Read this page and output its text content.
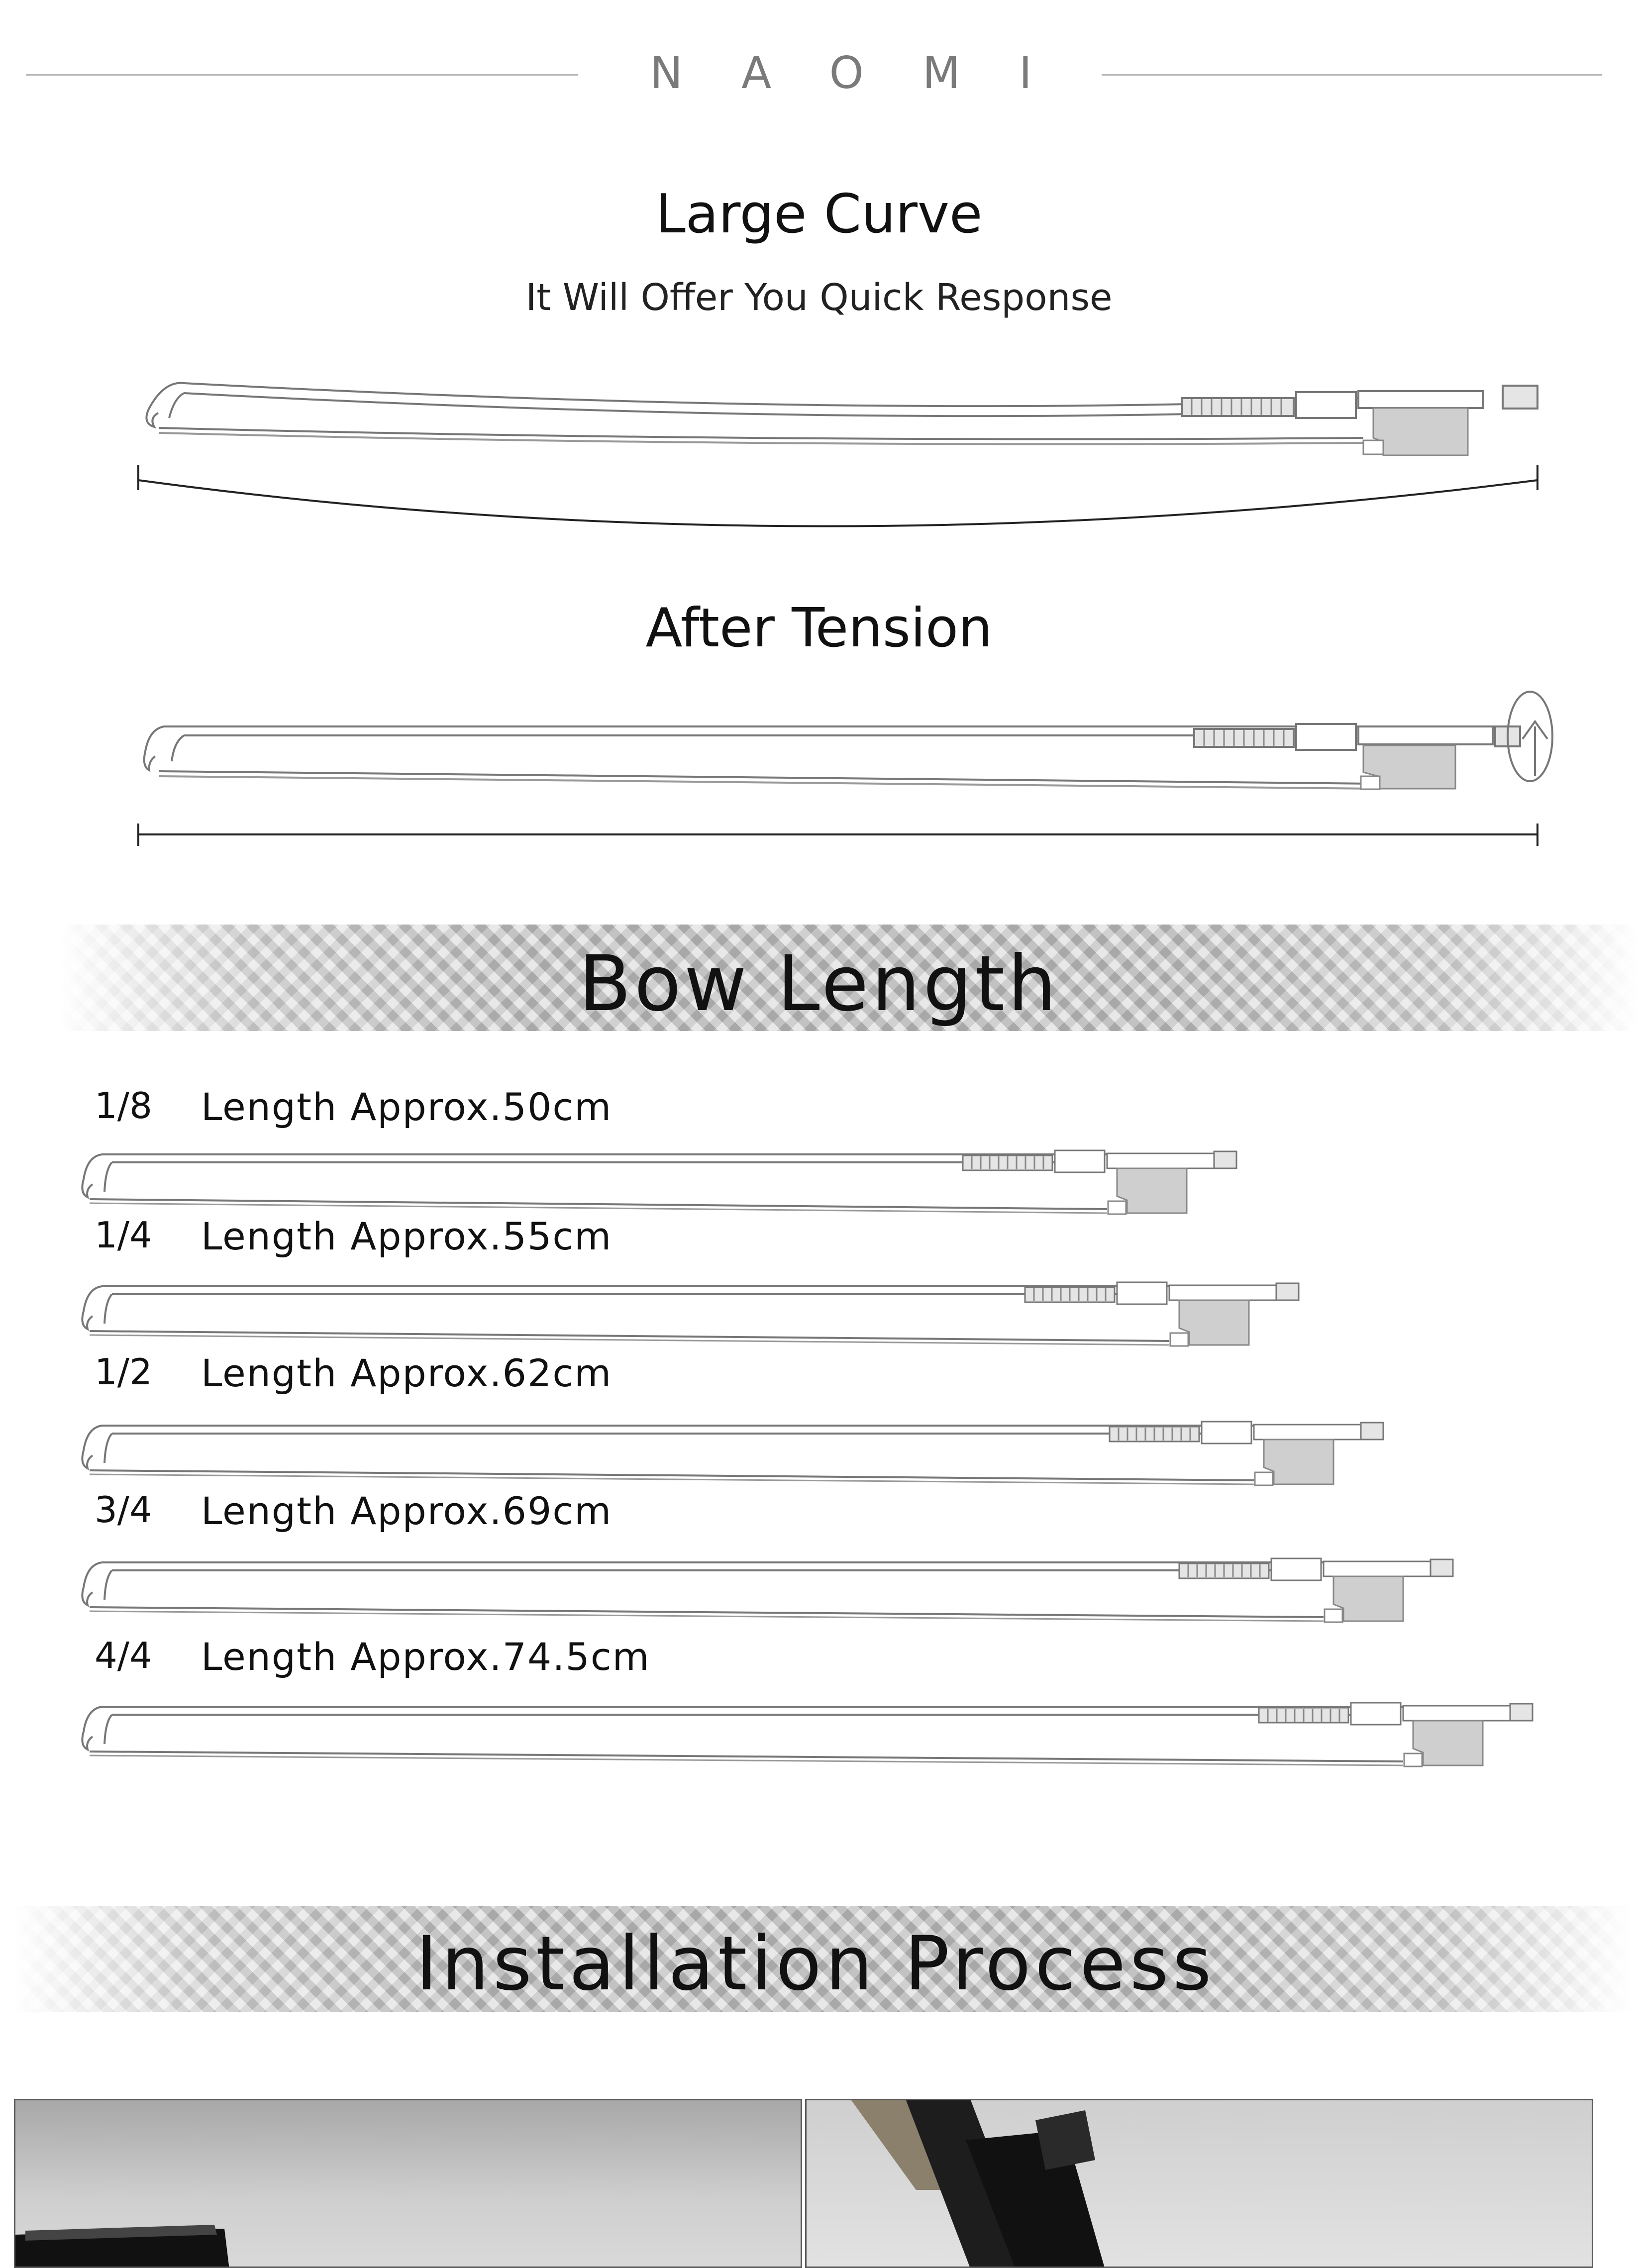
NAOMI
Large Curve
It Will Offer You Quick Response
After Tension
Bow Length
1/8 Length Approx.50cm
1/4 Length Approx.55cm
1/2 Length Approx.62cm
3/4 Length Approx.69cm
4/4 Length Approx.74.5cm
Installation Process
